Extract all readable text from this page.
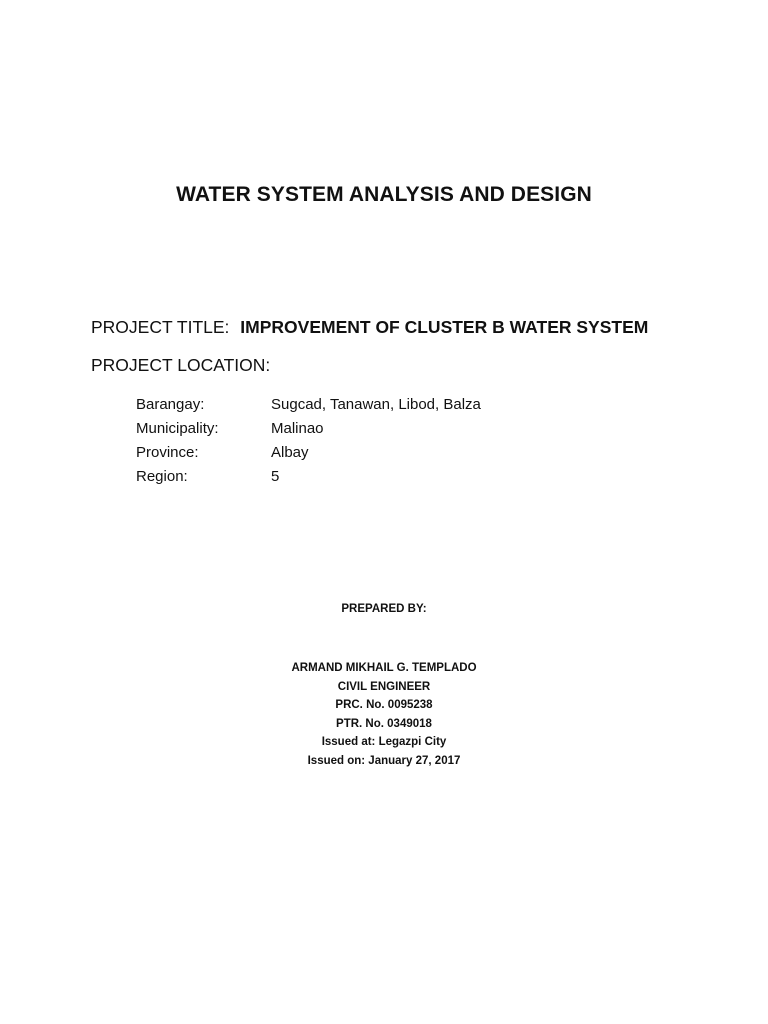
WATER SYSTEM ANALYSIS AND DESIGN
PROJECT TITLE: IMPROVEMENT OF CLUSTER B WATER SYSTEM
PROJECT LOCATION:
Barangay:	Sugcad, Tanawan, Libod, Balza
Municipality:	Malinao
Province:	Albay
Region:	5
PREPARED BY:
ARMAND MIKHAIL G. TEMPLADO
CIVIL ENGINEER
PRC. No. 0095238
PTR. No. 0349018
Issued at: Legazpi City
Issued on: January 27, 2017
